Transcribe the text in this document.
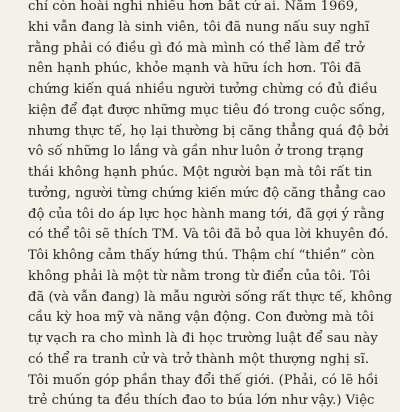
chí còn hoài nghi nhiều hơn bất cứ ai. Năm 1969,
khi vẫn đang là sinh viên, tôi đã nung nấu suy nghĩ
rằng phải có điều gì đó mà mình có thể làm để trở
nên hạnh phúc, khỏe mạnh và hữu ích hơn. Tôi đã
chứng kiến quá nhiều người tưởng chừng có đủ điều
kiện để đạt được những mục tiêu đó trong cuộc sống,
nhưng thực tế, họ lại thường bị căng thẳng quá độ bởi
vô số những lo lắng và gần như luôn ở trong trạng
thái không hạnh phúc. Một người bạn mà tôi rất tin
tưởng, người từng chứng kiến mức độ căng thẳng cao
độ của tôi do áp lực học hành mang tới, đã gợi ý rằng
có thể tôi sẽ thích TM. Và tôi đã bỏ qua lời khuyên đó.
Tôi không cảm thấy hứng thú. Thậm chí “thiền” còn
không phải là một từ nằm trong từ điển của tôi. Tôi
đã (và vẫn đang) là mẫu người sống rất thực tế, không
cầu kỳ hoa mỹ và năng vận động. Con đường mà tôi
tự vạch ra cho mình là đi học trường luật để sau này
có thể ra tranh cử và trở thành một thượng nghị sĩ.
Tôi muốn góp phần thay đổi thế giới. (Phải, có lẽ hồi
trẻ chúng ta đều thích đao to búa lớn như vậy.) Việc
